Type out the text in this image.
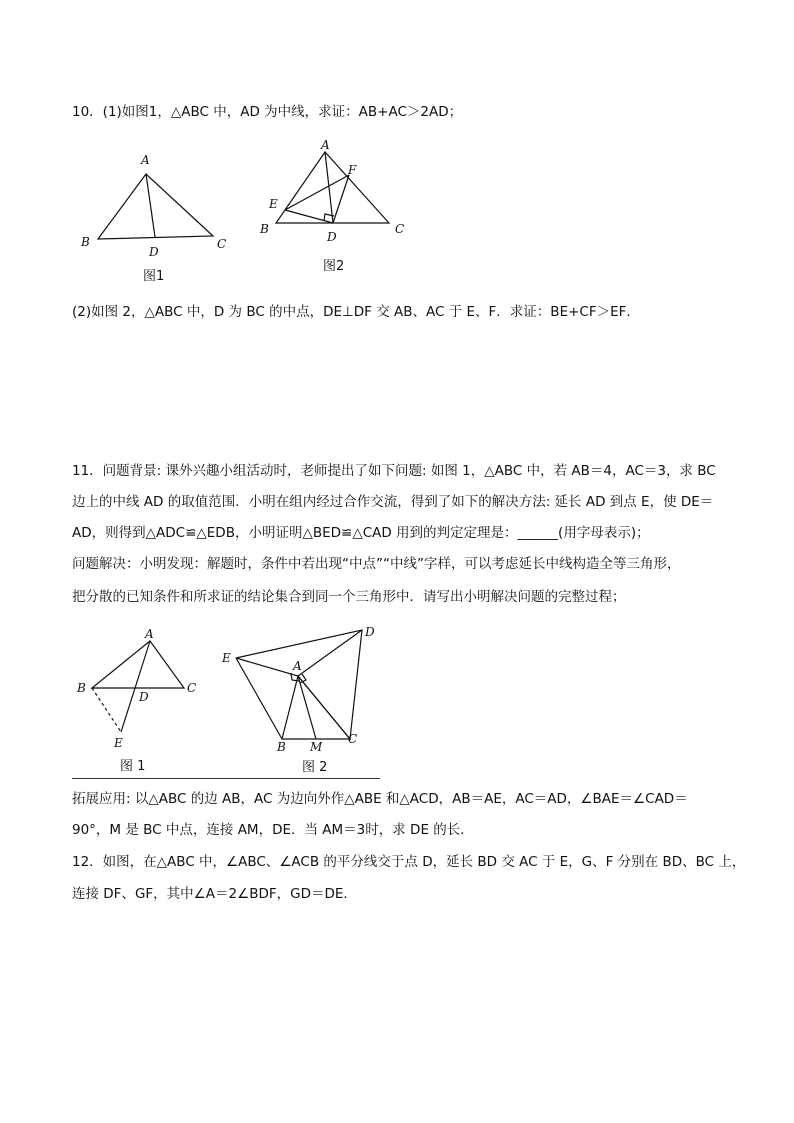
10．(1)如图1，△ABC 中，AD 为中线，求证：AB+AC＞2AD；
A
B	C
D
图1
A
F
E
B	C
D
图2
(2)如图 2，△ABC 中，D 为 BC 的中点，DE⊥DF 交 AB、AC 于 E、F．求证：BE+CF＞EF．
11．问题背景: 课外兴趣小组活动时，老师提出了如下问题: 如图 1，△ABC 中，若 AB＝4，AC＝3，求 BC
边上的中线 AD 的取值范围．小明在组内经过合作交流，得到了如下的解决方法: 延长 AD 到点 E，使 DE＝
AD，则得到△ADC≌△EDB，小明证明△BED≌△CAD 用到的判定定理是：______(用字母表示)；
问题解决：小明发现：解题时，条件中若出现“中点”“中线”字样，可以考虑延长中线构造全等三角形，
把分散的已知条件和所求证的结论集合到同一个三角形中．请写出小明解决问题的完整过程；
A
B	C
D
E
图 1
A
D
E
B M
C
图 2
拓展应用: 以△ABC 的边 AB，AC 为边向外作△ABE 和△ACD，AB＝AE，AC＝AD，∠BAE＝∠CAD＝
90°，M 是 BC 中点，连接 AM，DE．当 AM＝3时，求 DE 的长．
12．如图，在△ABC 中，∠ABC、∠ACB 的平分线交于点 D，延长 BD 交 AC 于 E，G、F 分别在 BD、BC 上，
连接 DF、GF，其中∠A＝2∠BDF，GD＝DE．
